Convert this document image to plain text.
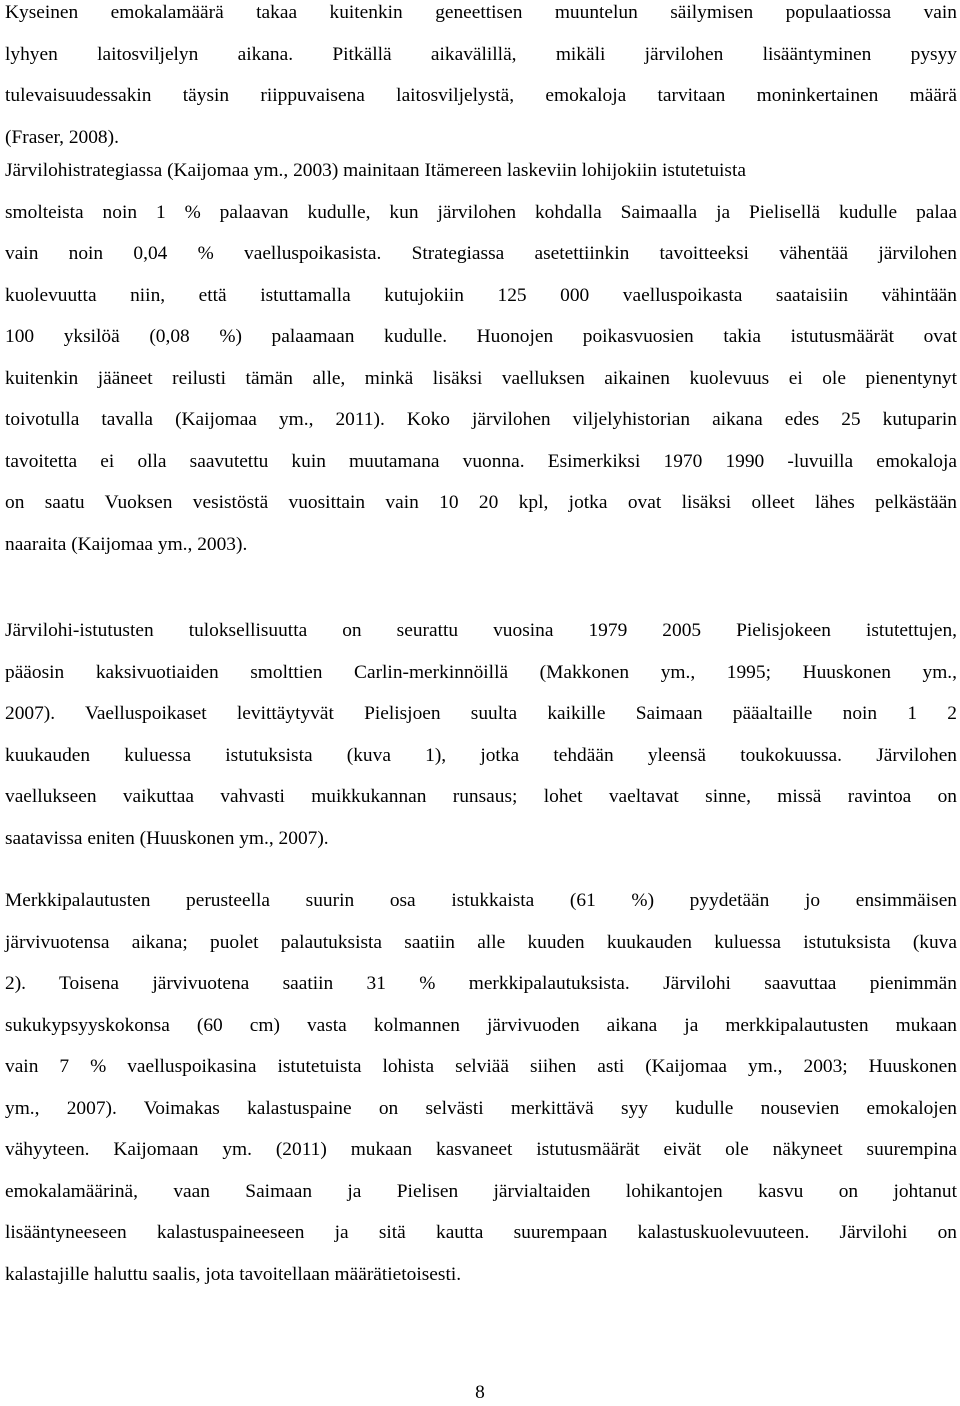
Kyseinen emokalamäärä takaa kuitenkin geneettisen muuntelun säilymisen populaatiossa vain
lyhyen laitosviljelyn aikana. Pitkällä aikavälillä, mikäli järvilohen lisääntyminen pysyy
tulevaisuudessakin täysin riippuvaisena laitosviljelystä, emokaloja tarvitaan moninkertainen määrä
(Fraser, 2008).
Järvilohistrategiassa (Kaijomaa ym., 2003) mainitaan Itämereen laskeviin lohijokiin istutetuista
smolteista noin 1 % palaavan kudulle, kun järvilohen kohdalla Saimaalla ja Pielisellä kudulle palaa
vain noin 0,04 % vaelluspoikasista. Strategiassa asetettiinkin tavoitteeksi vähentää järvilohen
kuolevuutta niin, että istuttamalla kutujokiin 125 000 vaelluspoikasta saataisiin vähintään
100 yksilöä (0,08 %) palaamaan kudulle. Huonojen poikasvuosien takia istutusmäärät ovat
kuitenkin jääneet reilusti tämän alle, minkä lisäksi vaelluksen aikainen kuolevuus ei ole pienentynyt
toivotulla tavalla (Kaijomaa ym., 2011). Koko järvilohen viljelyhistorian aikana edes 25 kutuparin
tavoitetta ei olla saavutettu kuin muutamana vuonna. Esimerkiksi 1970 1990 -luvuilla emokaloja
on saatu Vuoksen vesistöstä vuosittain vain 10 20 kpl, jotka ovat lisäksi olleet lähes pelkästään
naaraita (Kaijomaa ym., 2003).
Järvilohi-istutusten tuloksellisuutta on seurattu vuosina 1979 2005 Pielisjokeen istutettujen,
pääosin kaksivuotiaiden smolttien Carlin-merkinnöillä (Makkonen ym., 1995; Huuskonen ym.,
2007). Vaelluspoikaset levittäytyvät Pielisjoen suulta kaikille Saimaan pääaltaille noin 1 2
kuukauden kuluessa istutuksista (kuva 1), jotka tehdään yleensä toukokuussa. Järvilohen
vaellukseen vaikuttaa vahvasti muikkukannan runsaus; lohet vaeltavat sinne, missä ravintoa on
saatavissa eniten (Huuskonen ym., 2007).
Merkkipalautusten perusteella suurin osa istukkaista (61 %) pyydetään jo ensimmäisen
järvivuotensa aikana; puolet palautuksista saatiin alle kuuden kuukauden kuluessa istutuksista (kuva
2). Toisena järvivuotena saatiin 31 % merkkipalautuksista. Järvilohi saavuttaa pienimmän
sukukypsyyskokonsa (60 cm) vasta kolmannen järvivuoden aikana ja merkkipalautusten mukaan
vain 7 % vaelluspoikasina istutetuista lohista selviää siihen asti (Kaijomaa ym., 2003; Huuskonen
ym., 2007). Voimakas kalastuspaine on selvästi merkittävä syy kudulle nousevien emokalojen
vähyyteen. Kaijomaan ym. (2011) mukaan kasvaneet istutusmäärät eivät ole näkyneet suurempina
emokalamäärinä, vaan Saimaan ja Pielisen järvialtaiden lohikantojen kasvu on johtanut
lisääntyneeseen kalastuspaineeseen ja sitä kautta suurempaan kalastuskuolevuuteen. Järvilohi on
kalastajille haluttu saalis, jota tavoitellaan määrätietoisesti.
8
